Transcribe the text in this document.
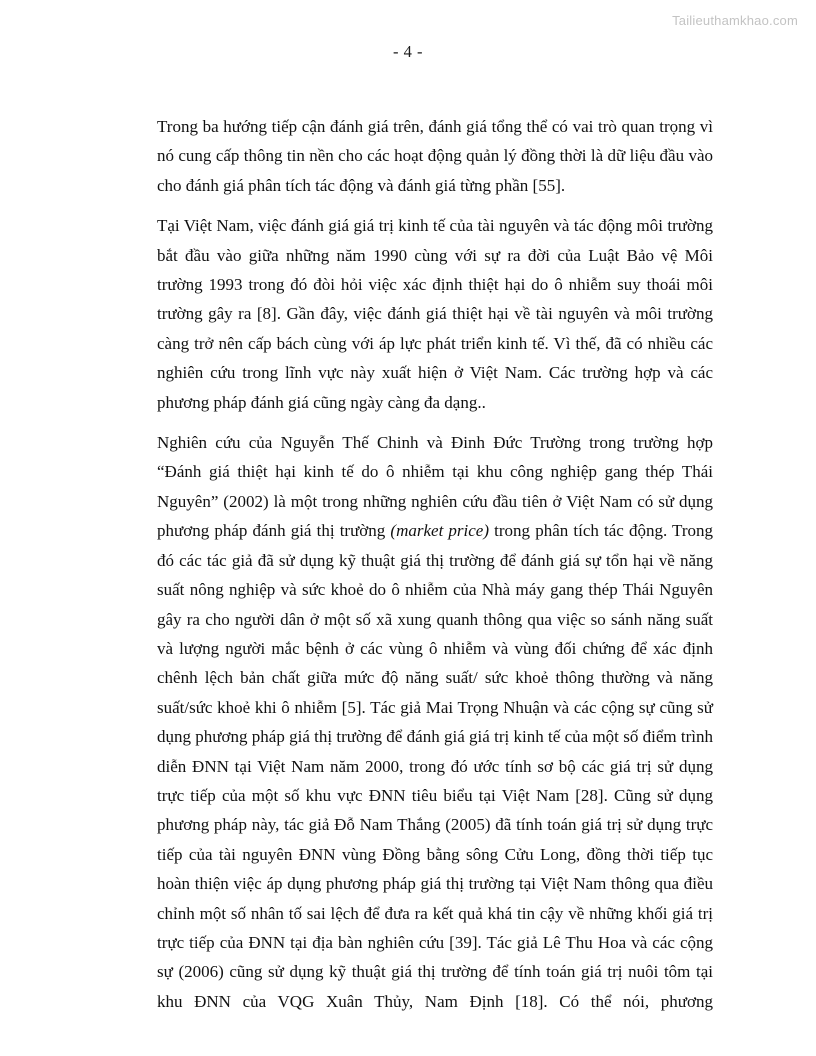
Tailieuthamkhao.com
- 4 -

Trong ba hướng tiếp cận đánh giá trên, đánh giá tổng thể có vai trò quan trọng vì nó cung cấp thông tin nền cho các hoạt động quản lý đồng thời là dữ liệu đầu vào cho đánh giá phân tích tác động và đánh giá từng phần [55].

Tại Việt Nam, việc đánh giá giá trị kinh tế của tài nguyên và tác động môi trường bắt đầu vào giữa những năm 1990 cùng với sự ra đời của Luật Bảo vệ Môi trường 1993 trong đó đòi hỏi việc xác định thiệt hại do ô nhiễm suy thoái môi trường gây ra [8]. Gần đây, việc đánh giá thiệt hại về tài nguyên và môi trường càng trở nên cấp bách cùng với áp lực phát triển kinh tế. Vì thế, đã có nhiều các nghiên cứu trong lĩnh vực này xuất hiện ở Việt Nam. Các trường hợp và các phương pháp đánh giá cũng ngày càng đa dạng..

Nghiên cứu của Nguyễn Thế Chinh và Đinh Đức Trường trong trường hợp “Đánh giá thiệt hại kinh tế do ô nhiễm tại khu công nghiệp gang thép Thái Nguyên” (2002) là một trong những nghiên cứu đầu tiên ở Việt Nam có sử dụng phương pháp đánh giá thị trường (market price) trong phân tích tác động. Trong đó các tác giả đã sử dụng kỹ thuật giá thị trường để đánh giá sự tổn hại về năng suất nông nghiệp và sức khoẻ do ô nhiễm của Nhà máy gang thép Thái Nguyên gây ra cho người dân ở một số xã xung quanh thông qua việc so sánh năng suất và lượng người mắc bệnh ở các vùng ô nhiễm và vùng đối chứng để xác định chênh lệch bản chất giữa mức độ năng suất/ sức khoẻ thông thường và năng suất/sức khoẻ khi ô nhiễm [5]. Tác giả Mai Trọng Nhuận và các cộng sự cũng sử dụng phương pháp giá thị trường để đánh giá giá trị kinh tế của một số điểm trình diễn ĐNN tại Việt Nam năm 2000, trong đó ước tính sơ bộ các giá trị sử dụng trực tiếp của một số khu vực ĐNN tiêu biểu tại Việt Nam [28]. Cũng sử dụng phương pháp này, tác giả Đỗ Nam Thắng (2005) đã tính toán giá trị sử dụng trực tiếp của tài nguyên ĐNN vùng Đồng bằng sông Cửu Long, đồng thời tiếp tục hoàn thiện việc áp dụng phương pháp giá thị trường tại Việt Nam thông qua điều chỉnh một số nhân tố sai lệch để đưa ra kết quả khá tin cậy về những khối giá trị trực tiếp của ĐNN tại địa bàn nghiên cứu [39]. Tác giả Lê Thu Hoa và các cộng sự (2006) cũng sử dụng kỹ thuật giá thị trường để tính toán giá trị nuôi tôm tại khu ĐNN của VQG Xuân Thủy, Nam Định [18]. Có thể nói, phương
